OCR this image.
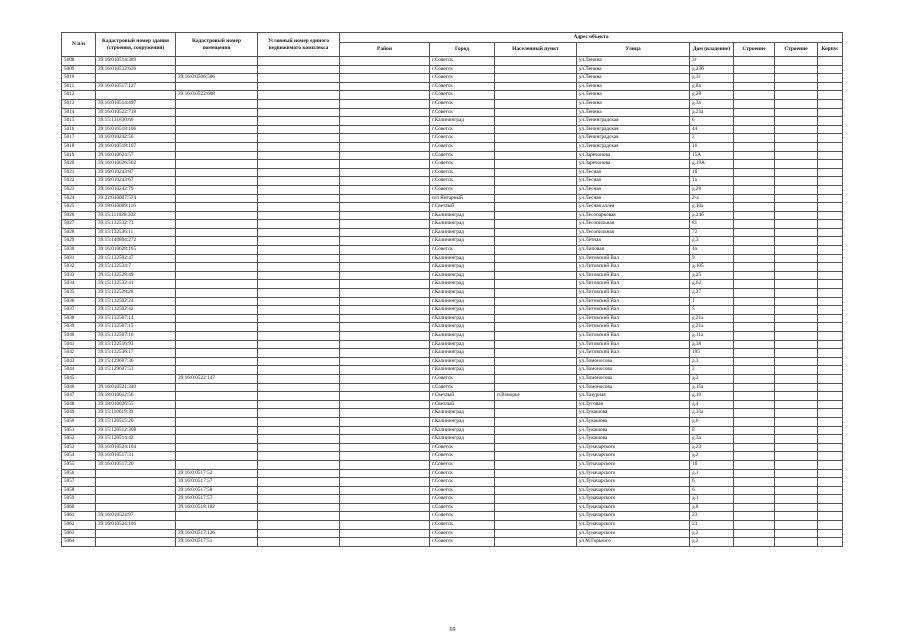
N п/п	Кадастровый номер здания (строения, сооружения)	Кадастровый номер помещения	Условный номер единого недвижимого комплекса	Адрес объекта							
				Район	Город	Населенный пункт	Улица	Дом (владение)	Строение	Строение	Корпус
5008	39:16:010514:389				г.Советск		ул.Ленина	3г			
5009	39:16:010532:636				г.Советск		ул.Ленина	д.23б			
5010		39:16:0:0506:506			г.Советск		ул.Ленина	д.3г			
5011	39:16:010517:127				г.Советск		ул.Ленина	д.8а			
5012		39:16:0:0522:608			г.Советск		ул.Ленина	д.28			
5013	39:16:010514:497				г.Советск		ул.Ленина	д.3а			
5014	39:16:010522:718				г.Советск		ул.Ленина	д.23а			
5015	39:15:131830:60				г.Калининград		ул.Ленинградская	6			
5016	39:16:010518:106				г.Советск		ул.Ленинградская	44			
5017	39:16:010242:56				г.Советск		ул.Ленинградская	2			
5018	39:16:010518:167				г.Советск		ул.Ленинградская	16			
5019	39:16:010624:57				г.Советск		ул.Заречонова	15А			
5020	39:16:010626:562				г.Советск		ул.Заречонова	д.19А			
5021	39:16:010243:87				г.Советск		ул.Лесная	1б			
5022	39:16:010243:67				г.Советск		ул.Лесная	1а			
5023	39:16:010242:79				г.Советск		ул.Лесная	д.28			
5024	39:22:010007:574				п/п Янтарный		ул.Лесная	2-а			
5025	39:18:010009:116				г.Светлый		ул.Лесная аллея	д.10а			
5026	39:15:111028:302				г.Калининград		ул.Лесопарковая	д.24б			
5027	39:15:132532:73				г.Калининград		ул.Лесопильная	81			
5028	39:15:132536:11				г.Калининград		ул.Лесопильная	72			
5029	39:15:140804:272				г.Калининград		ул.Летная	д.3			
5030	39:16:010628:165				г.Советск		ул.Липовая	4а			
5031	39:15:132502:47				г.Калининград		ул.Литовский Вал	9			
5032	39:15:132534:7				г.Калининград		ул.Литовский Вал	д.105			
5033	39:15:132528:49				г.Калининград		ул.Литовский Вал	д.25			
5034	39:15:132532:41				г.Калининград		ул.Литовский Вал	д.62			
5035	39:15:132528:28				г.Калининград		ул.Литовский Вал	д.27			
5036	39:15:132502:24				г.Калининград		ул.Литовский Вал	1			
5037	39:15:132502:42				г.Калининград		ул.Литовский Вал	5			
5038	39:15:132507:14				г.Калининград		ул.Литовский Вал	д.21а			
5039	39:15:132507:15				г.Калининград		ул.Литовский Вал	д.21а			
5040	39:15:132507:16				г.Калининград		ул.Литовский Вал	д.11а			
5041	39:15:132516:93				г.Калининград		ул.Литовский Вал	д.38			
5042	39:15:132536:17				г.Калининград		ул.Литовский Вал	105			
5043	39:15:129607:36				г.Калининград		ул.Ломоносова	д.3			
5044	39:15:129607:53				г.Калининград		ул.Ломоносова	3			
5045		39:16:0:0522:147			г.Советск		ул.Ломоносова	д.2			
5046	39:16:010521:340				г.Советск		ул.Ломоносова	д.15а			
5047	39:18:010012:56				г.Светлый	п.Взморье	ул.Лазурная	д.10			
5048	39:18:010026:55				г.Светлый		ул.Луговая	д.4			
5049	39:15:110619:39				г.Калининград		ул.Лукашова	д.33а			
5050	39:15:120515:20				г.Калининград		ул.Лукашова	д.6			
5051	39:15:120512:308				г.Калининград		ул.Лукашова	8			
5052	39:15:120514:42				г.Калининград		ул.Лукашова	д.3а			
5053	39:16:010524:104				г.Советск		ул.Луначарского	д.23			
5054	39:16:010517:31				г.Советск		ул.Луначарского	д.2			
5055	39:16:010517:20				г.Советск		ул.Луначарского	1б			
5056		39:16:0:0517:52			г.Советск		ул.Луначарского	д.1			
5057		39:16:0:0517:57			г.Советск		ул.Луначарского	6			
5058		39:16:0:0517:58			г.Советск		ул.Луначарского	6			
5059		39:16:0:0517:57			г.Советск		ул.Луначарского	д.1			
5060		39:16:0:0518:182			г.Советск		ул.Луначарского	д.8			
5061	39:16:010524:97				г.Советск		ул.Луначарского	23			
5062	39:16:010524:106				г.Советск		ул.Луначарского	23			
5063		39:16:0:0517:126			г.Советск		ул.Луначарского	д.2			
5064		39:16:0:0517:51			г.Советск		ул.М.Горького	д.2			
69
